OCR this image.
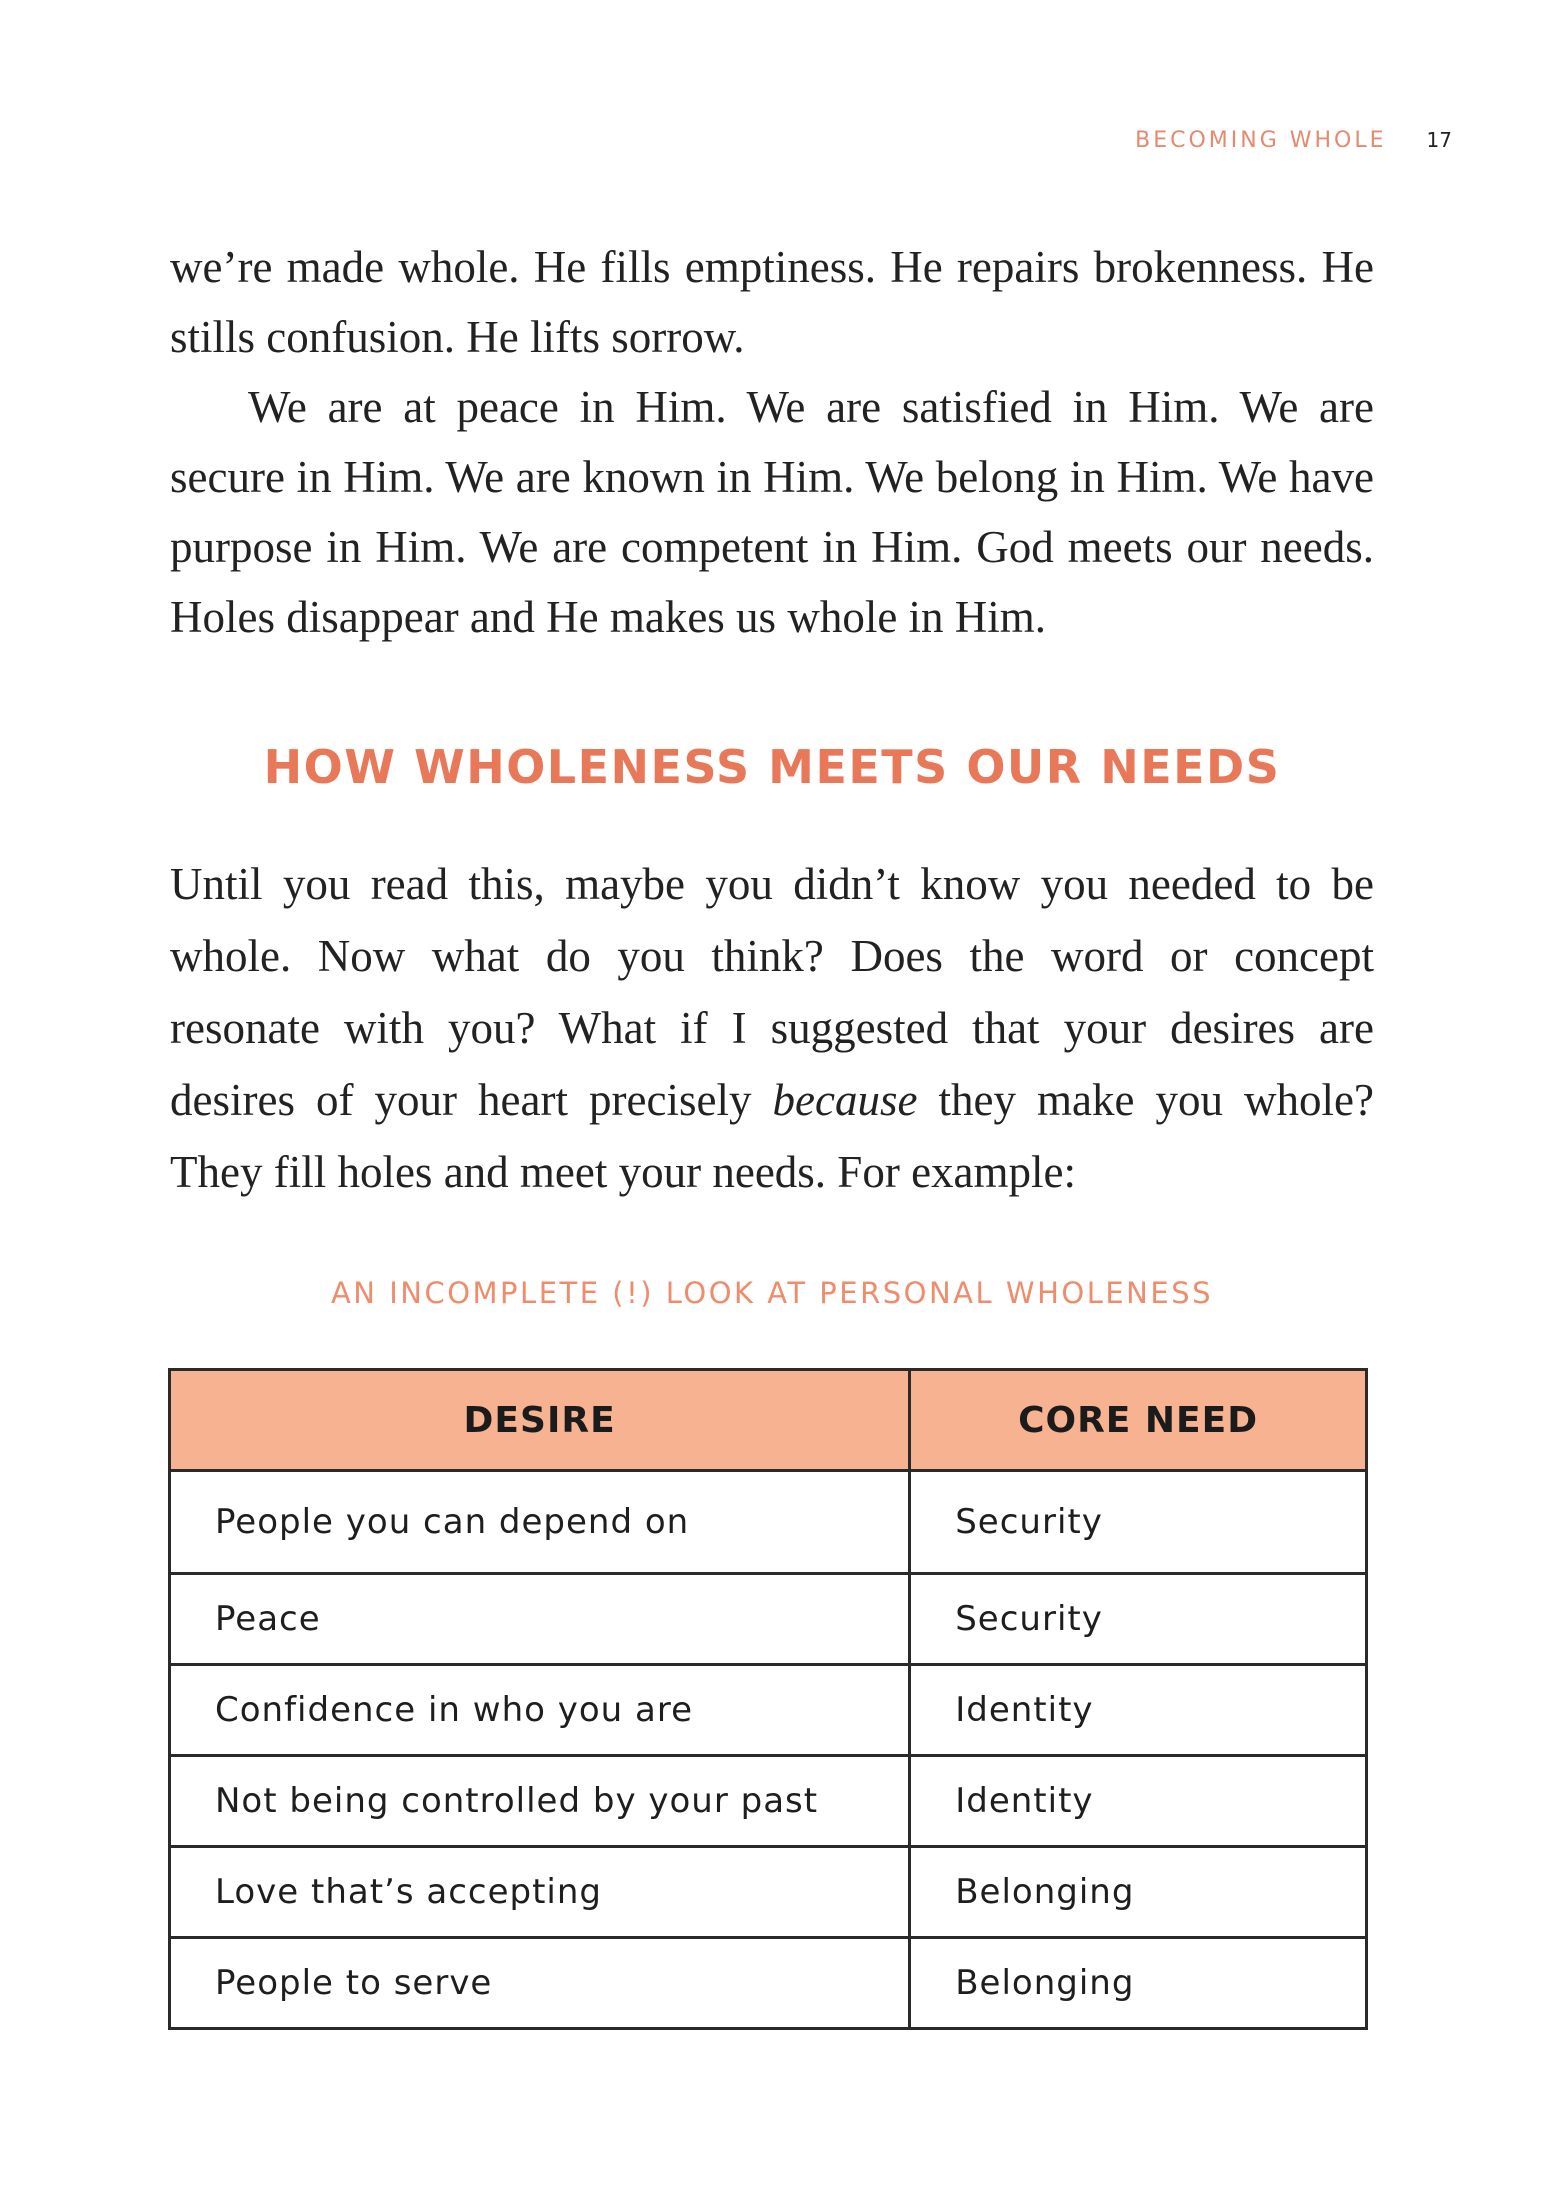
BECOMING WHOLE 17

we’re made whole. He fills emptiness. He repairs brokenness. He stills confusion. He lifts sorrow.

We are at peace in Him. We are satisfied in Him. We are secure in Him. We are known in Him. We belong in Him. We have purpose in Him. We are competent in Him. God meets our needs. Holes disappear and He makes us whole in Him.

HOW WHOLENESS MEETS OUR NEEDS

Until you read this, maybe you didn’t know you needed to be whole. Now what do you think? Does the word or concept resonate with you? What if I suggested that your desires are desires of your heart precisely because they make you whole? They fill holes and meet your needs. For example:

AN INCOMPLETE (!) LOOK AT PERSONAL WHOLENESS
DESIRE	CORE NEED
People you can depend on	Security
Peace	Security
Confidence in who you are	Identity
Not being controlled by your past	Identity
Love that’s accepting	Belonging
People to serve	Belonging
